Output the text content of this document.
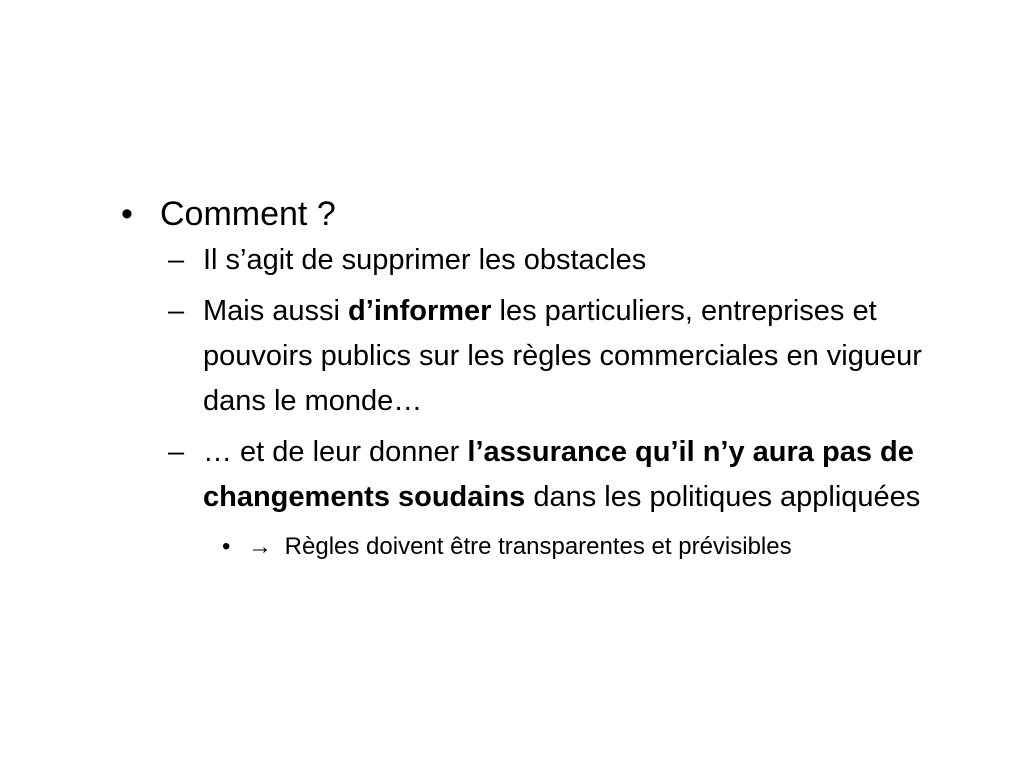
• Comment ?

– Il s’agit de supprimer les obstacles

– Mais aussi d’informer les particuliers, entreprises et pouvoirs publics sur les règles commerciales en vigueur dans le monde…

– … et de leur donner l’assurance qu’il n’y aura pas de changements soudains dans les politiques appliquées

• → Règles doivent être transparentes et prévisibles
